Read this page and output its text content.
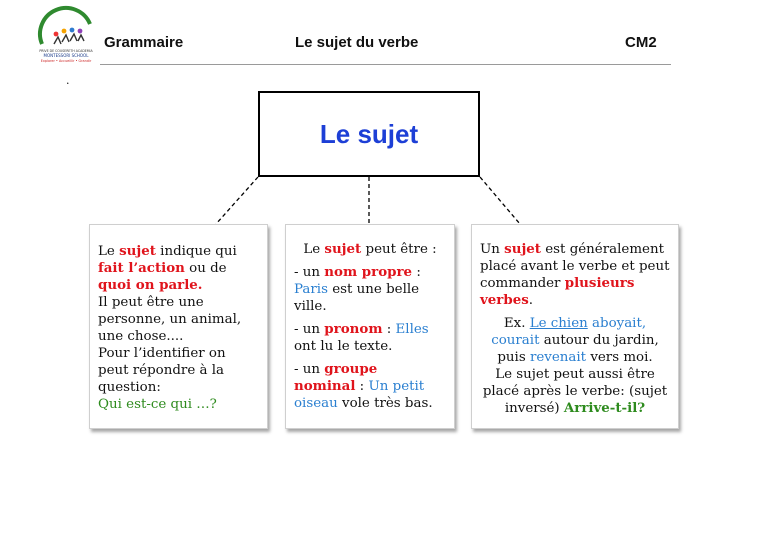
PRIVE DE COUSERETH ACADEMIA
MONTESSORI SCHOOL
Explorer • Accueillir • Grandir
Grammaire	Le sujet du verbe	CM2
.
Le sujet

Le sujet indique qui

fait l’action ou de

quoi on parle.

Il peut être une

personne, un animal,

une chose....

Pour l’identifier on

peut répondre à la

question:

Qui est-ce qui …?

Le sujet peut être :

- un nom propre :
Paris est une belle ville.

- un pronom : Elles ont lu le texte.

- un groupe
nominal : Un petit
oiseau vole très bas.

Un sujet est généralement
placé avant le verbe et peut
commander plusieurs
verbes.

Ex. Le chien aboyait,
courait autour du jardin,
puis revenait vers moi.

Le sujet peut aussi être
placé après le verbe: (sujet
inversé) Arrive-t-il?
